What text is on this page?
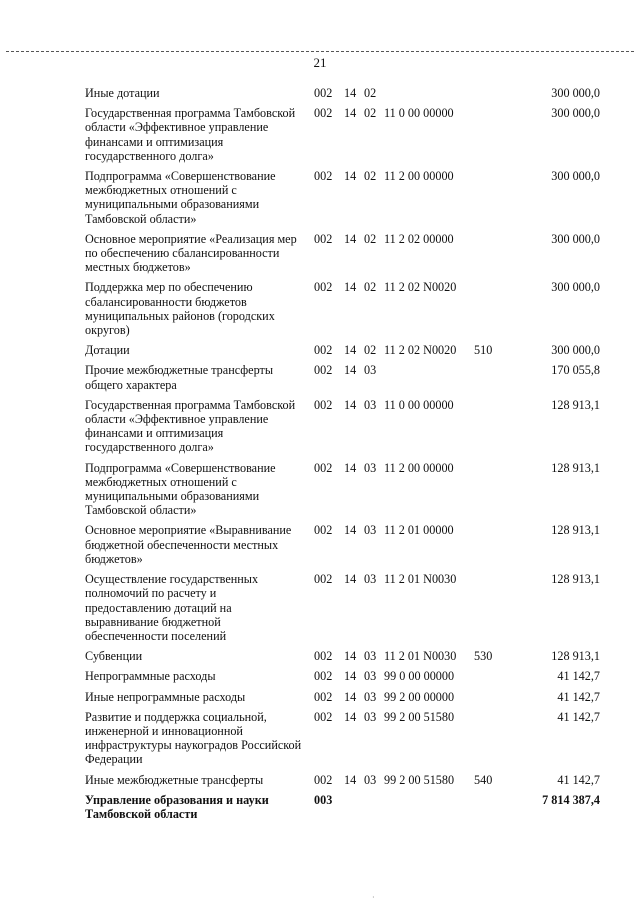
21
Иные дотации	002	14	02			300 000,0
Государственная программа Тамбовской области «Эффективное управление финансами и оптимизация государственного долга»	002	14	02	11 0 00 00000		300 000,0
Подпрограмма «Совершенствование межбюджетных отношений с муниципальными образованиями Тамбовской области»	002	14	02	11 2 00 00000		300 000,0
Основное мероприятие «Реализация мер по обеспечению сбалансированности местных бюджетов»	002	14	02	11 2 02 00000		300 000,0
Поддержка мер по обеспечению сбалансированности бюджетов муниципальных районов (городских округов)	002	14	02	11 2 02 N0020		300 000,0
Дотации	002	14	02	11 2 02 N0020	510	300 000,0
Прочие межбюджетные трансферты общего характера	002	14	03			170 055,8
Государственная программа Тамбовской области «Эффективное управление финансами и оптимизация государственного долга»	002	14	03	11 0 00 00000		128 913,1
Подпрограмма «Совершенствование межбюджетных отношений с муниципальными образованиями Тамбовской области»	002	14	03	11 2 00 00000		128 913,1
Основное мероприятие «Выравнивание бюджетной обеспеченности местных бюджетов»	002	14	03	11 2 01 00000		128 913,1
Осуществление государственных полномочий по расчету и предоставлению дотаций на выравнивание бюджетной обеспеченности поселений	002	14	03	11 2 01 N0030		128 913,1
Субвенции	002	14	03	11 2 01 N0030	530	128 913,1
Непрограммные расходы	002	14	03	99 0 00 00000		41 142,7
Иные непрограммные расходы	002	14	03	99 2 00 00000		41 142,7
Развитие и поддержка социальной, инженерной и инновационной инфраструктуры наукоградов Российской Федерации	002	14	03	99 2 00 51580		41 142,7
Иные межбюджетные трансферты	002	14	03	99 2 00 51580	540	41 142,7
Управление образования и науки Тамбовской области	003					7 814 387,4
·
